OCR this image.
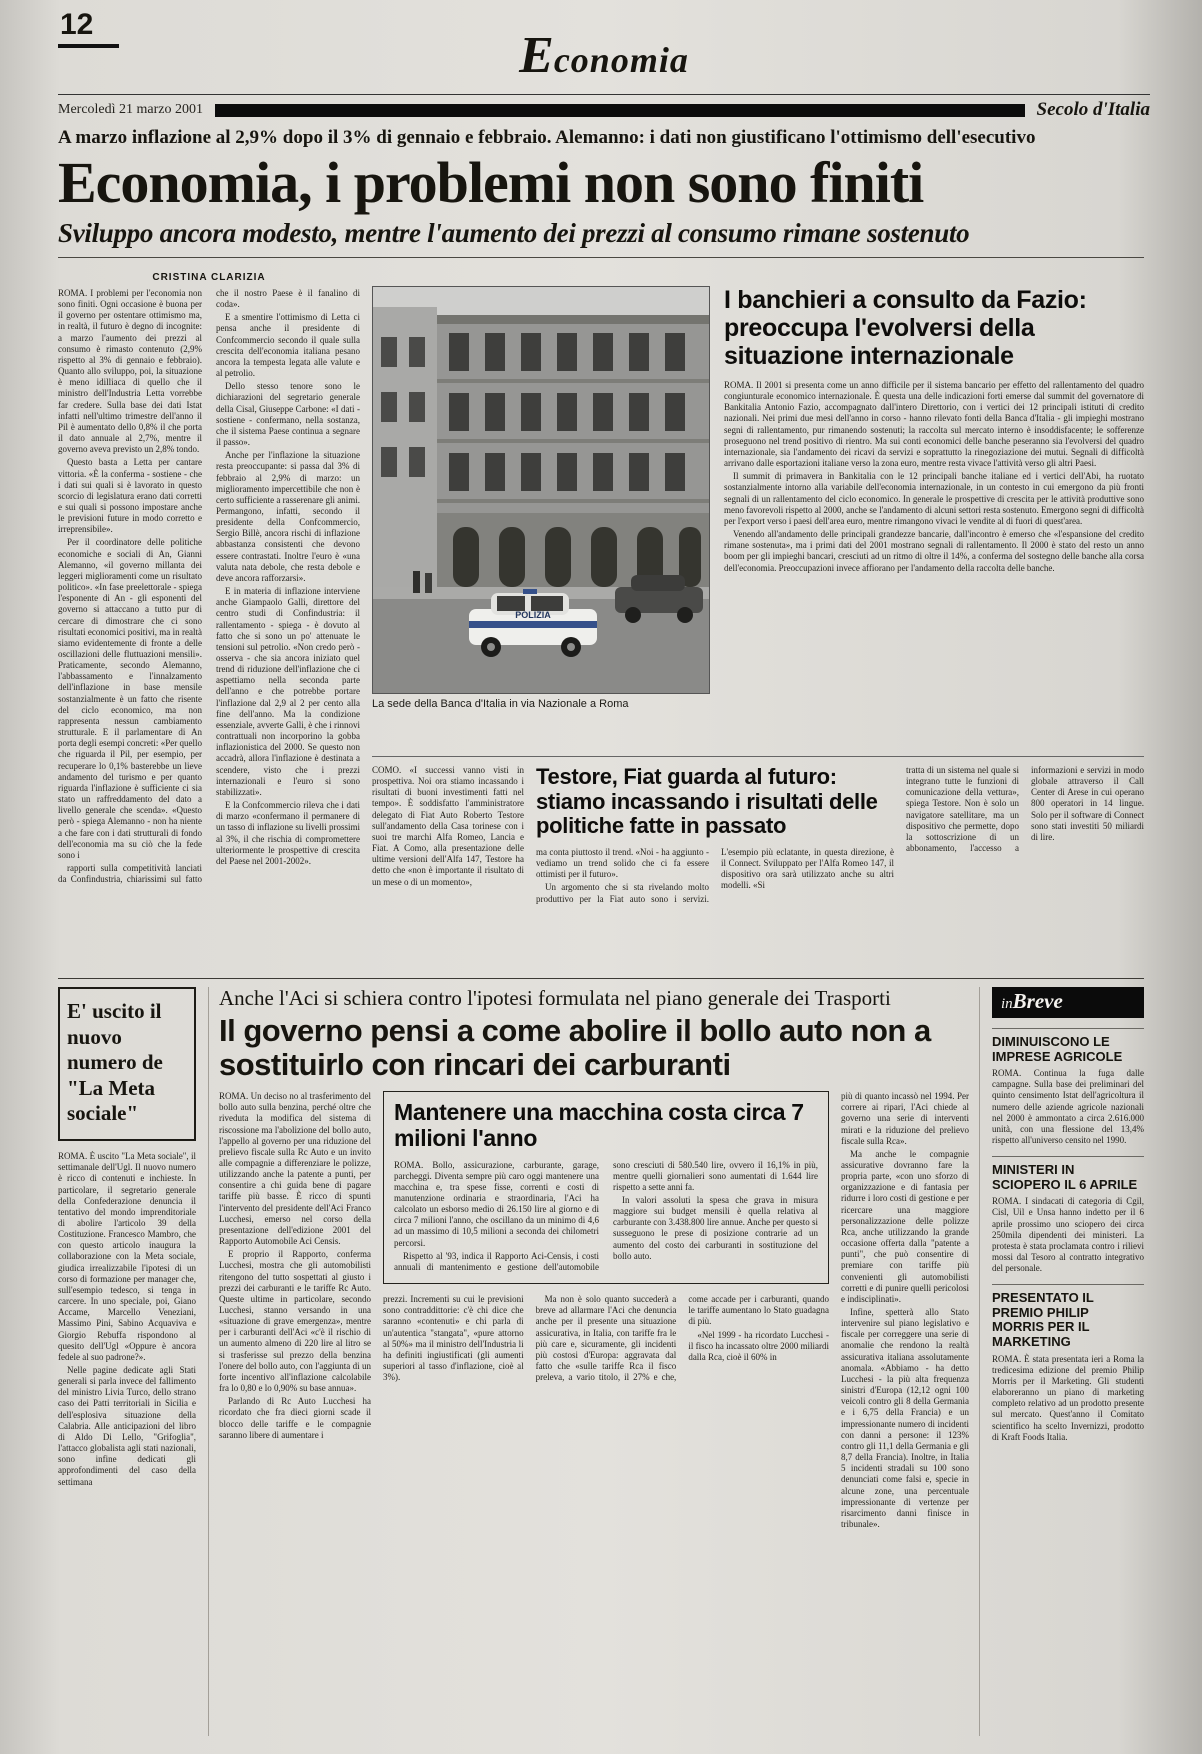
12
Economia
Mercoledì 21 marzo 2001	Secolo d'Italia
A marzo inflazione al 2,9% dopo il 3% di gennaio e febbraio. Alemanno: i dati non giustificano l'ottimismo dell'esecutivo
Economia, i problemi non sono finiti
Sviluppo ancora modesto, mentre l'aumento dei prezzi al consumo rimane sostenuto
CRISTINA CLARIZIA

ROMA. I problemi per l'economia non sono finiti. Ogni occasione è buona per il governo per ostentare ottimismo ma, in realtà, il futuro è degno di incognite: a marzo l'aumento dei prezzi al consumo è rimasto contenuto (2,9% rispetto al 3% di gennaio e febbraio). Quanto allo sviluppo, poi, la situazione è meno idilliaca di quello che il ministro dell'Industria Letta vorrebbe far credere. Sulla base dei dati Istat infatti nell'ultimo trimestre dell'anno il Pil è aumentato dello 0,8% il che porta il dato annuale al 2,7%, mentre il governo aveva previsto un 2,8% tondo.

Questo basta a Letta per cantare vittoria. «È la conferma - sostiene - che i dati sui quali si è lavorato in questo scorcio di legislatura erano dati corretti e sui quali si possono impostare anche le previsioni future in modo corretto e irreprensibile».

Per il coordinatore delle politiche economiche e sociali di An, Gianni Alemanno, «il governo millanta dei leggeri miglioramenti come un risultato politico». «In fase preelettorale - spiega l'esponente di An - gli esponenti del governo si attaccano a tutto pur di cercare di dimostrare che ci sono risultati economici positivi, ma in realtà siamo evidentemente di fronte a delle oscillazioni delle fluttuazioni mensili». Praticamente, secondo Alemanno, l'abbassamento e l'innalzamento dell'inflazione in base mensile sostanzialmente è un fatto che risente del ciclo economico, ma non rappresenta nessun cambiamento strutturale. E il parlamentare di An porta degli esempi concreti: «Per quello che riguarda il Pil, per esempio, per recuperare lo 0,1% basterebbe un lieve andamento del turismo e per quanto riguarda l'inflazione è sufficiente ci sia stato un raffreddamento del dato a livello generale che scenda». «Questo però - spiega Alemanno - non ha niente a che fare con i dati strutturali di fondo dell'economia ma su ciò che la fede sono i

rapporti sulla competitività lanciati da Confindustria, chiarissimi sul fatto che il nostro Paese è il fanalino di coda».

E a smentire l'ottimismo di Letta ci pensa anche il presidente di Confcommercio secondo il quale sulla crescita dell'economia italiana pesano ancora la tempesta legata alle valute e al petrolio.

Dello stesso tenore sono le dichiarazioni del segretario generale della Cisal, Giuseppe Carbone: «I dati - sostiene - confermano, nella sostanza, che il sistema Paese continua a segnare il passo».

Anche per l'inflazione la situazione resta preoccupante: si passa dal 3% di febbraio al 2,9% di marzo: un miglioramento impercettibile che non è certo sufficiente a rasserenare gli animi. Permangono, infatti, secondo il presidente della Confcommercio, Sergio Billè, ancora rischi di inflazione abbastanza consistenti che devono essere contrastati. Inoltre l'euro è «una valuta nata debole, che resta debole e deve ancora rafforzarsi».

E in materia di inflazione interviene anche Giampaolo Galli, direttore del centro studi di Confindustria: il rallentamento - spiega - è dovuto al fatto che si sono un po' attenuate le tensioni sul petrolio. «Non credo però - osserva - che sia ancora iniziato quel trend di riduzione dell'inflazione che ci aspettiamo nella seconda parte dell'anno e che potrebbe portare l'inflazione dal 2,9 al 2 per cento alla fine dell'anno. Ma la condizione essenziale, avverte Galli, è che i rinnovi contrattuali non incorporino la gobba inflazionistica del 2000. Se questo non accadrà, allora l'inflazione è destinata a scendere, visto che i prezzi internazionali e l'euro si sono stabilizzati».

E la Confcommercio rileva che i dati di marzo «confermano il permanere di un tasso di inflazione su livelli prossimi al 3%, il che rischia di compromettere ulteriormente le prospettive di crescita del Paese nel 2001-2002».

POLIZIA
La sede della Banca d'Italia in via Nazionale a Roma
I banchieri a consulto da Fazio: preoccupa l'evolversi della situazione internazionale

ROMA. Il 2001 si presenta come un anno difficile per il sistema bancario per effetto del rallentamento del quadro congiunturale economico internazionale. È questa una delle indicazioni forti emerse dal summit del governatore di Bankitalia Antonio Fazio, accompagnato dall'intero Direttorio, con i vertici dei 12 principali istituti di credito nazionali. Nei primi due mesi dell'anno in corso - hanno rilevato fonti della Banca d'Italia - gli impieghi mostrano segni di rallentamento, pur rimanendo sostenuti; la raccolta sul mercato interno è insoddisfacente; le sofferenze proseguono nel trend positivo di rientro. Ma sui conti economici delle banche peseranno sia l'evolversi del quadro internazionale, sia l'andamento dei ricavi da servizi e soprattutto la rinegoziazione dei mutui. Segnali di difficoltà arrivano dalle esportazioni italiane verso la zona euro, mentre resta vivace l'attività verso gli altri Paesi.

Il summit di primavera in Bankitalia con le 12 principali banche italiane ed i vertici dell'Abi, ha ruotato sostanzialmente intorno alla variabile dell'economia internazionale, in un contesto in cui emergono da più fronti segnali di un rallentamento del ciclo economico. In generale le prospettive di crescita per le attività produttive sono meno favorevoli rispetto al 2000, anche se l'andamento di alcuni settori resta sostenuto. Emergono segni di difficoltà per l'export verso i paesi dell'area euro, mentre rimangono vivaci le vendite al di fuori di quest'area.

Venendo all'andamento delle principali grandezze bancarie, dall'incontro è emerso che «l'espansione del credito rimane sostenuta», ma i primi dati del 2001 mostrano segnali di rallentamento. Il 2000 è stato del resto un anno boom per gli impieghi bancari, cresciuti ad un ritmo di oltre il 14%, a conferma del sostegno delle banche alla corsa dell'economia. Preoccupazioni invece affiorano per l'andamento della raccolta delle banche.

COMO. «I successi vanno visti in prospettiva. Noi ora stiamo incassando i risultati di buoni investimenti fatti nel tempo». È soddisfatto l'amministratore delegato di Fiat Auto Roberto Testore sull'andamento della Casa torinese con i suoi tre marchi Alfa Romeo, Lancia e Fiat. A Como, alla presentazione delle ultime versioni dell'Alfa 147, Testore ha detto che «non è importante il risultato di un mese o di un momento»,

Testore, Fiat guarda al futuro: stiamo incassando i risultati delle politiche fatte in passato

ma conta piuttosto il trend. «Noi - ha aggiunto - vediamo un trend solido che ci fa essere ottimisti per il futuro».

Un argomento che si sta rivelando molto produttivo per la Fiat auto sono i servizi. L'esempio più eclatante, in questa direzione, è il Connect. Sviluppato per l'Alfa Romeo 147, il dispositivo ora sarà utilizzato anche su altri modelli. «Si

tratta di un sistema nel quale si integrano tutte le funzioni di comunicazione della vettura», spiega Testore. Non è solo un navigatore satellitare, ma un dispositivo che permette, dopo la sottoscrizione di un abbonamento, l'accesso a informazioni e servizi in modo globale attraverso il Call Center di Arese in cui operano 800 operatori in 14 lingue. Solo per il software di Connect sono stati investiti 50 miliardi di lire.

E' uscito il nuovo numero de "La Meta sociale"

ROMA. È uscito "La Meta sociale", il settimanale dell'Ugl. Il nuovo numero è ricco di contenuti e inchieste. In particolare, il segretario generale della Confederazione denuncia il tentativo del mondo imprenditoriale di abolire l'articolo 39 della Costituzione. Francesco Mambro, che con questo articolo inaugura la collaborazione con la Meta sociale, giudica irrealizzabile l'ipotesi di un corso di formazione per manager che, sull'esempio tedesco, si tenga in carcere. In uno speciale, poi, Giano Accame, Marcello Veneziani, Massimo Pini, Sabino Acquaviva e Giorgio Rebuffa rispondono al quesito dell'Ugl «Oppure è ancora fedele al suo padrone?».

Nelle pagine dedicate agli Stati generali si parla invece del fallimento del ministro Livia Turco, dello strano caso dei Patti territoriali in Sicilia e dell'esplosiva situazione della Calabria. Alle anticipazioni del libro di Aldo Di Lello, "Grifoglia", l'attacco globalista agli stati nazionali, sono infine dedicati gli approfondimenti del caso della settimana

Anche l'Aci si schiera contro l'ipotesi formulata nel piano generale dei Trasporti
Il governo pensi a come abolire il bollo auto non a sostituirlo con rincari dei carburanti

ROMA. Un deciso no al trasferimento del bollo auto sulla benzina, perché oltre che riveduta la modifica del sistema di riscossione ma l'abolizione del bollo auto, l'appello al governo per una riduzione del prelievo fiscale sulla Rc Auto e un invito alle compagnie a differenziare le polizze, utilizzando anche la patente a punti, per consentire a chi guida bene di pagare tariffe più basse. È ricco di spunti l'intervento del presidente dell'Aci Franco Lucchesi, emerso nel corso della presentazione dell'edizione 2001 del Rapporto Automobile Aci Censis.

E proprio il Rapporto, conferma Lucchesi, mostra che gli automobilisti ritengono del tutto sospettati al giusto i prezzi dei carburanti e le tariffe Rc Auto. Queste ultime in particolare, secondo Lucchesi, stanno versando in una «situazione di grave emergenza», mentre per i carburanti dell'Aci «c'è il rischio di un aumento almeno di 220 lire al litro se si trasferisse sul prezzo della benzina l'onere del bollo auto, con l'aggiunta di un forte incentivo all'inflazione calcolabile fra lo 0,80 e lo 0,90% su base annua».

Parlando di Rc Auto Lucchesi ha ricordato che fra dieci giorni scade il blocco delle tariffe e le compagnie saranno libere di aumentare i

Mantenere una macchina costa circa 7 milioni l'anno

ROMA. Bollo, assicurazione, carburante, garage, parcheggi. Diventa sempre più caro oggi mantenere una macchina e, tra spese fisse, correnti e costi di manutenzione ordinaria e straordinaria, l'Aci ha calcolato un esborso medio di 26.150 lire al giorno e di circa 7 milioni l'anno, che oscillano da un minimo di 4,6 ad un massimo di 10,5 milioni a seconda dei chilometri percorsi.

Rispetto al '93, indica il Rapporto Aci-Censis, i costi annuali di mantenimento e gestione dell'automobile sono cresciuti di 580.540 lire, ovvero il 16,1% in più, mentre quelli giornalieri sono aumentati di 1.644 lire rispetto a sette anni fa.

In valori assoluti la spesa che grava in misura maggiore sui budget mensili è quella relativa al carburante con 3.438.800 lire annue. Anche per questo si susseguono le prese di posizione contrarie ad un aumento del costo dei carburanti in sostituzione del bollo auto.

prezzi. Incrementi su cui le previsioni sono contraddittorie: c'è chi dice che saranno «contenuti» e chi parla di un'autentica "stangata", «pure attorno al 50%» ma il ministro dell'Industria li ha definiti ingiustificati (gli aumenti superiori al tasso d'inflazione, cioè al 3%).

Ma non è solo quanto succederà a breve ad allarmare l'Aci che denuncia anche per il presente una situazione assicurativa, in Italia, con tariffe fra le più care e, sicuramente, gli incidenti più costosi d'Europa: aggravata dal fatto che «sulle tariffe Rca il fisco preleva, a vario titolo, il 27% e che, come accade per i carburanti, quando le tariffe aumentano lo Stato guadagna di più.

«Nel 1999 - ha ricordato Lucchesi - il fisco ha incassato oltre 2000 miliardi dalla Rca, cioè il 60% in

più di quanto incassò nel 1994. Per correre ai ripari, l'Aci chiede al governo una serie di interventi mirati e la riduzione del prelievo fiscale sulla Rca».

Ma anche le compagnie assicurative dovranno fare la propria parte, «con uno sforzo di organizzazione e di fantasia per ridurre i loro costi di gestione e per ricercare una maggiore personalizzazione delle polizze Rca, anche utilizzando la grande occasione offerta dalla "patente a punti", che può consentire di premiare con tariffe più convenienti gli automobilisti corretti e di punire quelli pericolosi e indisciplinati».

Infine, spetterà allo Stato intervenire sul piano legislativo e fiscale per correggere una serie di anomalie che rendono la realtà assicurativa italiana assolutamente anomala. «Abbiamo - ha detto Lucchesi - la più alta frequenza sinistri d'Europa (12,12 ogni 100 veicoli contro gli 8 della Germania e i 6,75 della Francia) e un impressionante numero di incidenti con danni a persone: il 123% contro gli 11,1 della Germania e gli 8,7 della Francia). Inoltre, in Italia 5 incidenti stradali su 100 sono denunciati come falsi e, specie in alcune zone, una percentuale impressionante di vertenze per risarcimento danni finisce in tribunale».

inBreve
DIMINUISCONO LE IMPRESE AGRICOLE
ROMA. Continua la fuga dalle campagne. Sulla base dei preliminari del quinto censimento Istat dell'agricoltura il numero delle aziende agricole nazionali nel 2000 è ammontato a circa 2.616.000 unità, con una flessione del 13,4% rispetto all'universo censito nel 1990.
MINISTERI IN SCIOPERO IL 6 APRILE
ROMA. I sindacati di categoria di Cgil, Cisl, Uil e Unsa hanno indetto per il 6 aprile prossimo uno sciopero dei circa 250mila dipendenti dei ministeri. La protesta è stata proclamata contro i rilievi mossi dal Tesoro al contratto integrativo del personale.
PRESENTATO IL PREMIO PHILIP MORRIS PER IL MARKETING
ROMA. È stata presentata ieri a Roma la tredicesima edizione del premio Philip Morris per il Marketing. Gli studenti elaboreranno un piano di marketing completo relativo ad un prodotto presente sul mercato. Quest'anno il Comitato scientifico ha scelto Invernizzi, prodotto di Kraft Foods Italia.
